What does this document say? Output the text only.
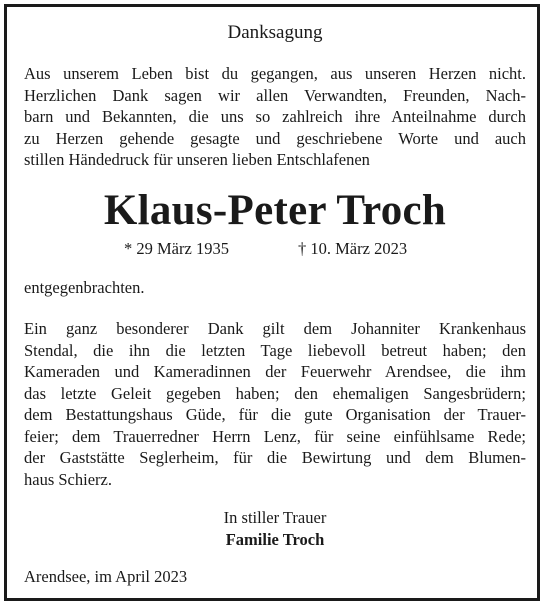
Danksagung
Aus unserem Leben bist du gegangen, aus unseren Herzen nicht.
Herzlichen Dank sagen wir allen Verwandten, Freunden, Nach-
barn und Bekannten, die uns so zahlreich ihre Anteilnahme durch
zu Herzen gehende gesagte und geschriebene Worte und auch
stillen Händedruck für unseren lieben Entschlafenen
Klaus-Peter Troch
* 29 März 1935	† 10. März 2023
entgegenbrachten.
Ein ganz besonderer Dank gilt dem Johanniter Krankenhaus
Stendal, die ihn die letzten Tage liebevoll betreut haben; den
Kameraden und Kameradinnen der Feuerwehr Arendsee, die ihm
das letzte Geleit gegeben haben; den ehemaligen Sangesbrüdern;
dem Bestattungshaus Güde, für die gute Organisation der Trauer-
feier; dem Trauerredner Herrn Lenz, für seine einfühlsame Rede;
der Gaststätte Seglerheim, für die Bewirtung und dem Blumen-
haus Schierz.
In stiller Trauer
Familie Troch
Arendsee, im April 2023
